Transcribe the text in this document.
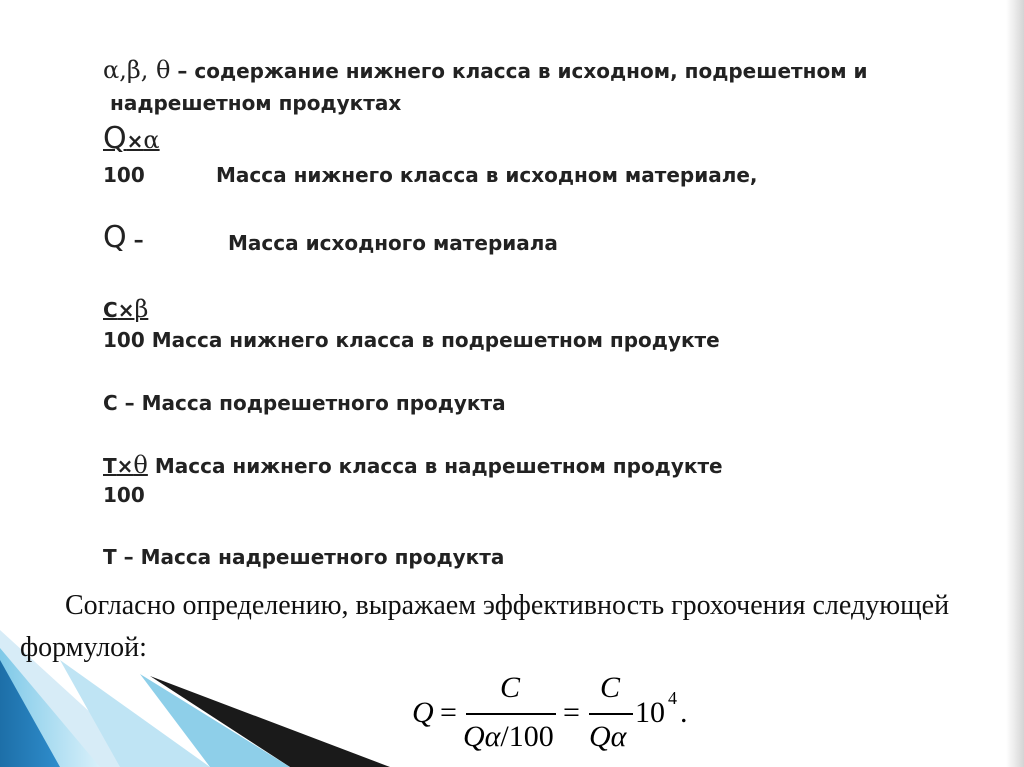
α,β, θ – содержание нижнего класса в исходном, подрешетном и
надрешетном продуктах
Q×α
100	Масса нижнего класса в исходном материале,
Q –	Масса исходного материала
C×β
100 Масса нижнего класса в подрешетном продукте
C – Масса подрешетного продукта
T×θ Масса нижнего класса в надрешетном продукте
100
T – Масса надрешетного продукта
Согласно определению, выражаем эффективность грохочения следующей
формулой:
Q =
C
Qα/100
=
C
Qα
10 4 .
